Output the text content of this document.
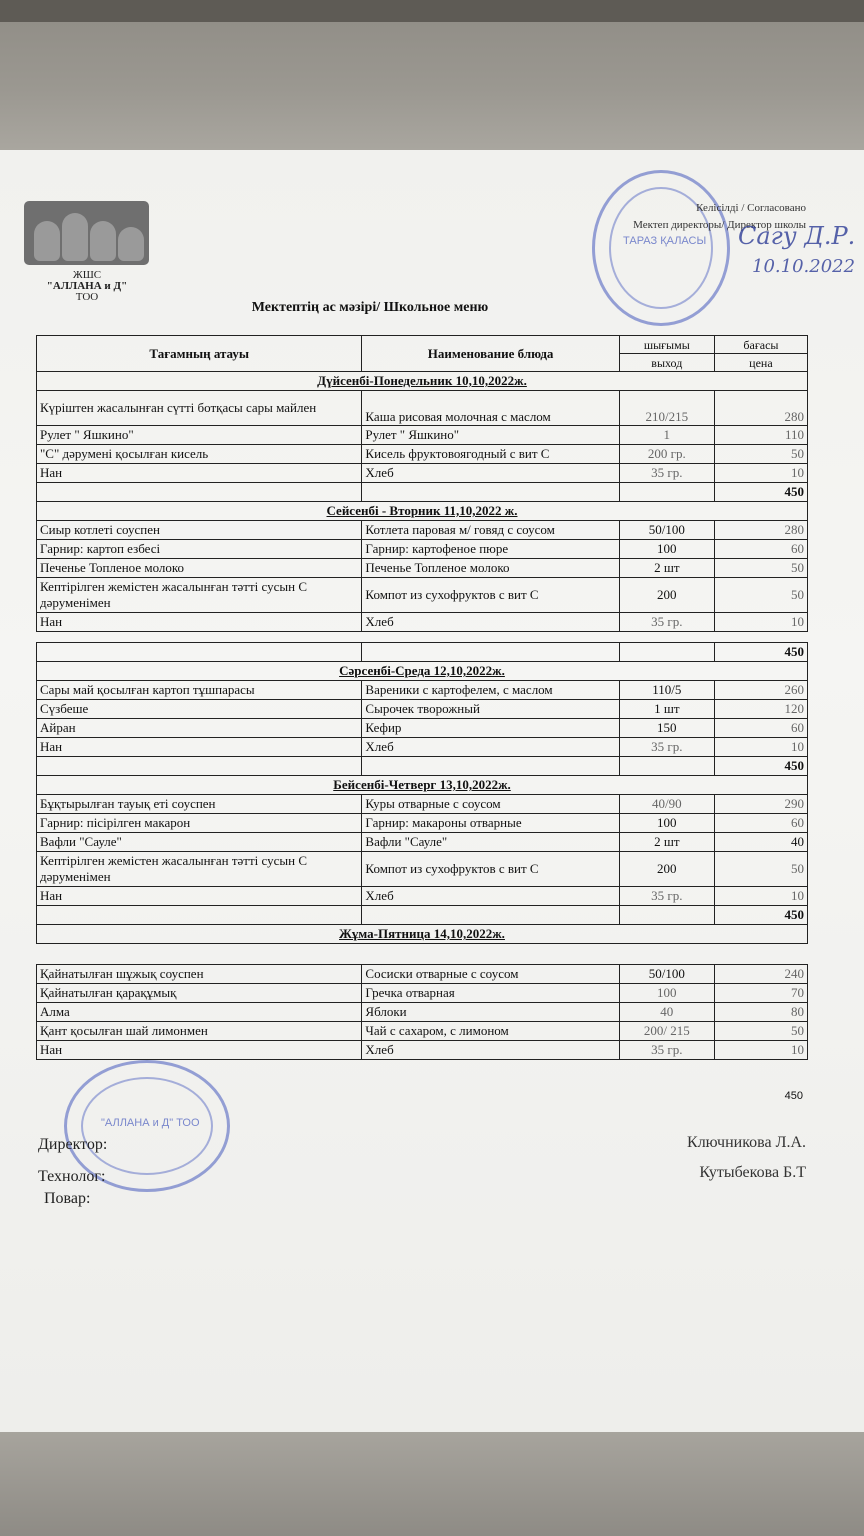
ЖШС
"АЛЛАНА и Д"
ТОО
ТАРАЗ ҚАЛАСЫ
Келісілді / Согласовано
Мектеп директоры/ Директор школы
Сагу Д.Р.
10.10.2022
Мектептің ас мәзірі/ Школьное меню
Тағамның атауы	Наименование блюда	шығымы	бағасы
		выход	цена
Дүйсенбі-Понедельник 10,10,2022ж.			
Күріштен жасалынған сүтті ботқасы сары майлен	Каша рисовая молочная с маслом	210/215	280
Рулет " Яшкино"	Рулет " Яшкино"	1	110
"С" дәрумені қосылған кисель	Кисель фруктовоягодный с вит С	200 гр.	50
Нан	Хлеб	35 гр.	10
			450
Сейсенбі - Вторник 11,10,2022 ж.			
Сиыр котлеті соуспен	Котлета паровая м/ говяд с соусом	50/100	280
Гарнир: картоп езбесі	Гарнир: картофеное пюре	100	60
Печенье Топленое молоко	Печенье Топленое молоко	2 шт	50
Кептірілген жемістен жасалынған тәтті сусын С дәруменімен	Компот из сухофруктов с вит С	200	50
Нан	Хлеб	35 гр.	10

			450
Сәрсенбі-Среда 12,10,2022ж.			
Сары май қосылған картоп тұшпарасы	Вареники с картофелем, с маслом	110/5	260
Сүзбеше	Сырочек творожный	1 шт	120
Айран	Кефир	150	60
Нан	Хлеб	35 гр.	10
			450
Бейсенбі-Четверг 13,10,2022ж.			
Бұқтырылған тауық еті соуспен	Куры отварные с соусом	40/90	290
Гарнир: пісірілген макарон	Гарнир: макароны отварные	100	60
Вафли "Сауле"	Вафли "Сауле"	2 шт	40
Кептірілген жемістен жасалынған тәтті сусын С дәруменімен	Компот из сухофруктов с вит С	200	50
Нан	Хлеб	35 гр.	10
			450
Жұма-Пятница 14,10,2022ж.			

Қайнатылған шұжық соуспен	Сосиски отварные с соусом	50/100	240
Қайнатылған қарақұмық	Гречка отварная	100	70
Алма	Яблоки	40	80
Қант қосылған шай лимонмен	Чай с сахаром, с лимоном	200/ 215	50
Нан	Хлеб	35 гр.	10
450
"АЛЛАНА и Д" ТОО
Директор:	Ключникова Л.А.
Технолог:	Кутыбекова Б.Т
Повар:
